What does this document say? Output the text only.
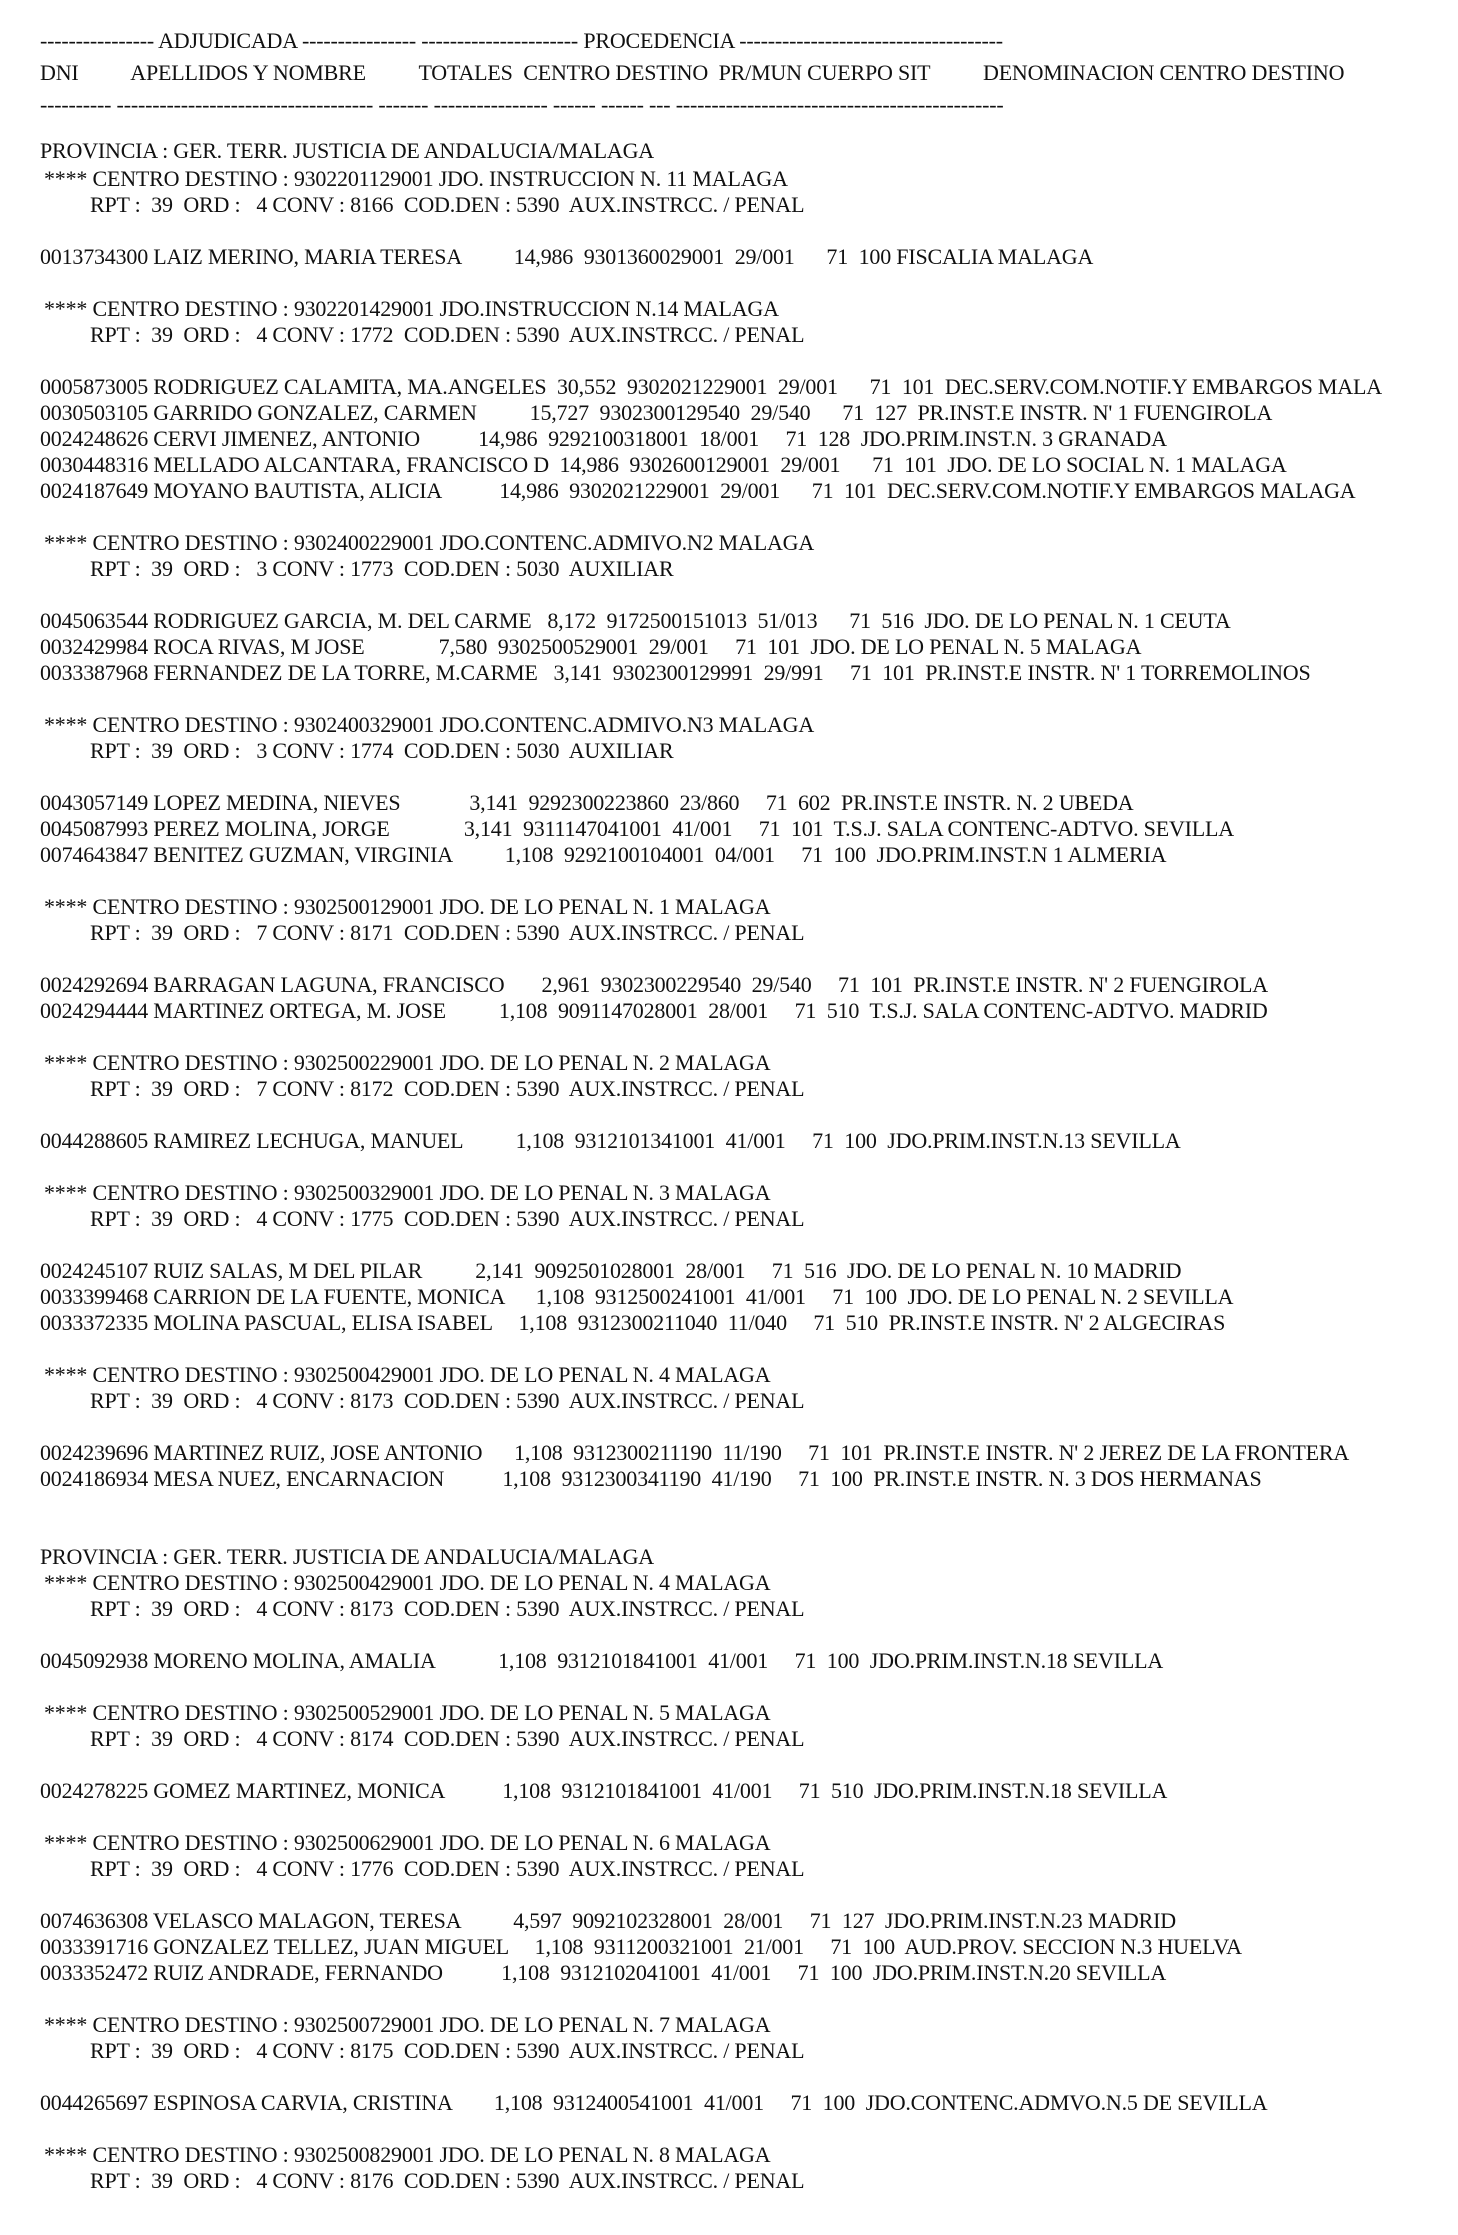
---------------- ADJUDICADA ---------------- ---------------------- PROCEDENCIA -------------------------------------
DNI          APELLIDOS Y NOMBRE          TOTALES  CENTRO DESTINO  PR/MUN CUERPO SIT          DENOMINACION CENTRO DESTINO
---------- ------------------------------------ ------- ---------------- ------ ------ --- ----------------------------------------------
PROVINCIA : GER. TERR. JUSTICIA DE ANDALUCIA/MALAGA
**** CENTRO DESTINO : 9302201129001 JDO. INSTRUCCION N. 11 MALAGA
RPT :  39  ORD :   4 CONV : 8166  COD.DEN : 5390  AUX.INSTRCC. / PENAL
0013734300 LAIZ MERINO, MARIA TERESA          14,986  9301360029001  29/001      71  100 FISCALIA MALAGA
**** CENTRO DESTINO : 9302201429001 JDO.INSTRUCCION N.14 MALAGA
RPT :  39  ORD :   4 CONV : 1772  COD.DEN : 5390  AUX.INSTRCC. / PENAL
0005873005 RODRIGUEZ CALAMITA, MA.ANGELES  30,552  9302021229001  29/001      71  101  DEC.SERV.COM.NOTIF.Y EMBARGOS MALA
0030503105 GARRIDO GONZALEZ, CARMEN          15,727  9302300129540  29/540      71  127  PR.INST.E INSTR. N' 1 FUENGIROLA
0024248626 CERVI JIMENEZ, ANTONIO           14,986  9292100318001  18/001     71  128  JDO.PRIM.INST.N. 3 GRANADA
0030448316 MELLADO ALCANTARA, FRANCISCO D  14,986  9302600129001  29/001      71  101  JDO. DE LO SOCIAL N. 1 MALAGA
0024187649 MOYANO BAUTISTA, ALICIA           14,986  9302021229001  29/001      71  101  DEC.SERV.COM.NOTIF.Y EMBARGOS MALAGA
**** CENTRO DESTINO : 9302400229001 JDO.CONTENC.ADMIVO.N2 MALAGA
RPT :  39  ORD :   3 CONV : 1773  COD.DEN : 5030  AUXILIAR
0045063544 RODRIGUEZ GARCIA, M. DEL CARME   8,172  9172500151013  51/013      71  516  JDO. DE LO PENAL N. 1 CEUTA
0032429984 ROCA RIVAS, M JOSE              7,580  9302500529001  29/001     71  101  JDO. DE LO PENAL N. 5 MALAGA
0033387968 FERNANDEZ DE LA TORRE, M.CARME   3,141  9302300129991  29/991     71  101  PR.INST.E INSTR. N' 1 TORREMOLINOS
**** CENTRO DESTINO : 9302400329001 JDO.CONTENC.ADMIVO.N3 MALAGA
RPT :  39  ORD :   3 CONV : 1774  COD.DEN : 5030  AUXILIAR
0043057149 LOPEZ MEDINA, NIEVES             3,141  9292300223860  23/860     71  602  PR.INST.E INSTR. N. 2 UBEDA
0045087993 PEREZ MOLINA, JORGE              3,141  9311147041001  41/001     71  101  T.S.J. SALA CONTENC-ADTVO. SEVILLA
0074643847 BENITEZ GUZMAN, VIRGINIA          1,108  9292100104001  04/001     71  100  JDO.PRIM.INST.N 1 ALMERIA
**** CENTRO DESTINO : 9302500129001 JDO. DE LO PENAL N. 1 MALAGA
RPT :  39  ORD :   7 CONV : 8171  COD.DEN : 5390  AUX.INSTRCC. / PENAL
0024292694 BARRAGAN LAGUNA, FRANCISCO       2,961  9302300229540  29/540     71  101  PR.INST.E INSTR. N' 2 FUENGIROLA
0024294444 MARTINEZ ORTEGA, M. JOSE          1,108  9091147028001  28/001     71  510  T.S.J. SALA CONTENC-ADTVO. MADRID
**** CENTRO DESTINO : 9302500229001 JDO. DE LO PENAL N. 2 MALAGA
RPT :  39  ORD :   7 CONV : 8172  COD.DEN : 5390  AUX.INSTRCC. / PENAL
0044288605 RAMIREZ LECHUGA, MANUEL          1,108  9312101341001  41/001     71  100  JDO.PRIM.INST.N.13 SEVILLA
**** CENTRO DESTINO : 9302500329001 JDO. DE LO PENAL N. 3 MALAGA
RPT :  39  ORD :   4 CONV : 1775  COD.DEN : 5390  AUX.INSTRCC. / PENAL
0024245107 RUIZ SALAS, M DEL PILAR          2,141  9092501028001  28/001     71  516  JDO. DE LO PENAL N. 10 MADRID
0033399468 CARRION DE LA FUENTE, MONICA      1,108  9312500241001  41/001     71  100  JDO. DE LO PENAL N. 2 SEVILLA
0033372335 MOLINA PASCUAL, ELISA ISABEL     1,108  9312300211040  11/040     71  510  PR.INST.E INSTR. N' 2 ALGECIRAS
**** CENTRO DESTINO : 9302500429001 JDO. DE LO PENAL N. 4 MALAGA
RPT :  39  ORD :   4 CONV : 8173  COD.DEN : 5390  AUX.INSTRCC. / PENAL
0024239696 MARTINEZ RUIZ, JOSE ANTONIO      1,108  9312300211190  11/190     71  101  PR.INST.E INSTR. N' 2 JEREZ DE LA FRONTERA
0024186934 MESA NUEZ, ENCARNACION           1,108  9312300341190  41/190     71  100  PR.INST.E INSTR. N. 3 DOS HERMANAS
PROVINCIA : GER. TERR. JUSTICIA DE ANDALUCIA/MALAGA
**** CENTRO DESTINO : 9302500429001 JDO. DE LO PENAL N. 4 MALAGA
RPT :  39  ORD :   4 CONV : 8173  COD.DEN : 5390  AUX.INSTRCC. / PENAL
0045092938 MORENO MOLINA, AMALIA            1,108  9312101841001  41/001     71  100  JDO.PRIM.INST.N.18 SEVILLA
**** CENTRO DESTINO : 9302500529001 JDO. DE LO PENAL N. 5 MALAGA
RPT :  39  ORD :   4 CONV : 8174  COD.DEN : 5390  AUX.INSTRCC. / PENAL
0024278225 GOMEZ MARTINEZ, MONICA           1,108  9312101841001  41/001     71  510  JDO.PRIM.INST.N.18 SEVILLA
**** CENTRO DESTINO : 9302500629001 JDO. DE LO PENAL N. 6 MALAGA
RPT :  39  ORD :   4 CONV : 1776  COD.DEN : 5390  AUX.INSTRCC. / PENAL
0074636308 VELASCO MALAGON, TERESA          4,597  9092102328001  28/001     71  127  JDO.PRIM.INST.N.23 MADRID
0033391716 GONZALEZ TELLEZ, JUAN MIGUEL     1,108  9311200321001  21/001     71  100  AUD.PROV. SECCION N.3 HUELVA
0033352472 RUIZ ANDRADE, FERNANDO           1,108  9312102041001  41/001     71  100  JDO.PRIM.INST.N.20 SEVILLA
**** CENTRO DESTINO : 9302500729001 JDO. DE LO PENAL N. 7 MALAGA
RPT :  39  ORD :   4 CONV : 8175  COD.DEN : 5390  AUX.INSTRCC. / PENAL
0044265697 ESPINOSA CARVIA, CRISTINA        1,108  9312400541001  41/001     71  100  JDO.CONTENC.ADMVO.N.5 DE SEVILLA
**** CENTRO DESTINO : 9302500829001 JDO. DE LO PENAL N. 8 MALAGA
RPT :  39  ORD :   4 CONV : 8176  COD.DEN : 5390  AUX.INSTRCC. / PENAL
